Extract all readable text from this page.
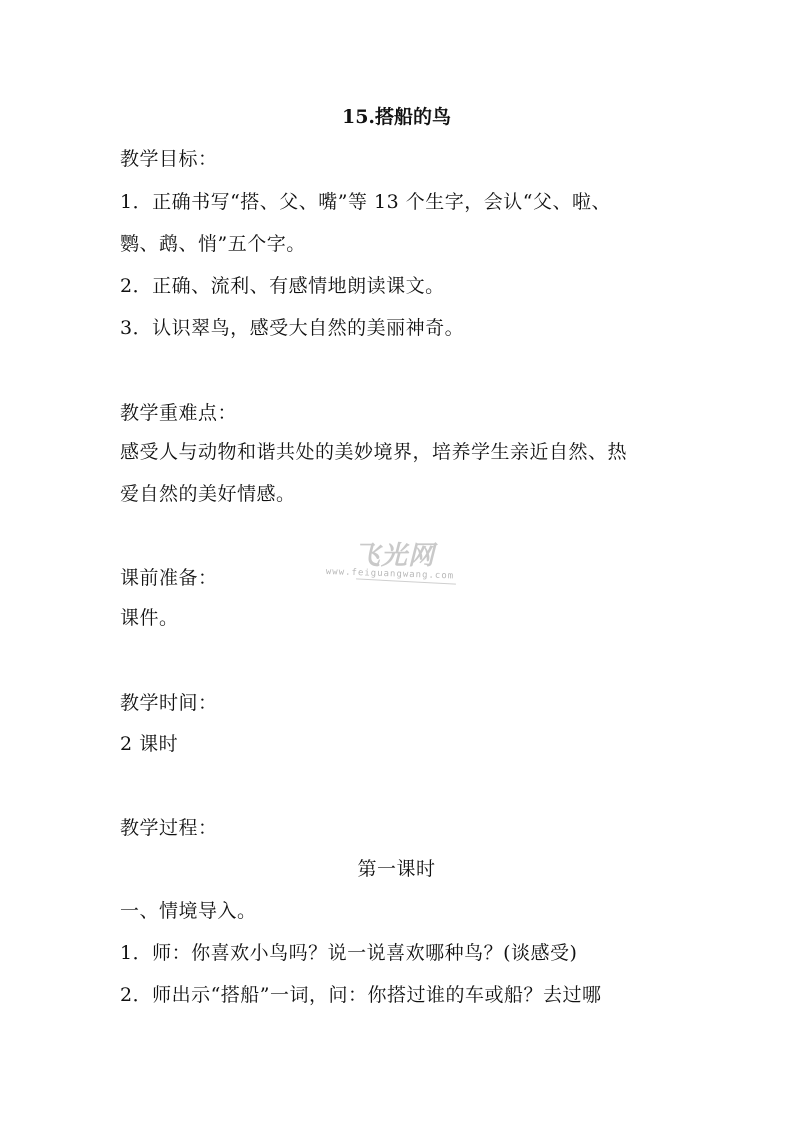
15.搭船的鸟
教学目标：
1．正确书写“搭、父、嘴”等 13 个生字，会认“父、啦、
鹦、鹉、悄”五个字。
2．正确、流利、有感情地朗读课文。
3．认识翠鸟，感受大自然的美丽神奇。
教学重难点：
感受人与动物和谐共处的美妙境界，培养学生亲近自然、热
爱自然的美好情感。
课前准备：
课件。
教学时间：
2 课时
教学过程：
第一课时
一、情境导入。
1．师：你喜欢小鸟吗？说一说喜欢哪种鸟？(谈感受)
2．师出示“搭船”一词，问：你搭过谁的车或船？去过哪
飞光网
www.feiguangwang.com
